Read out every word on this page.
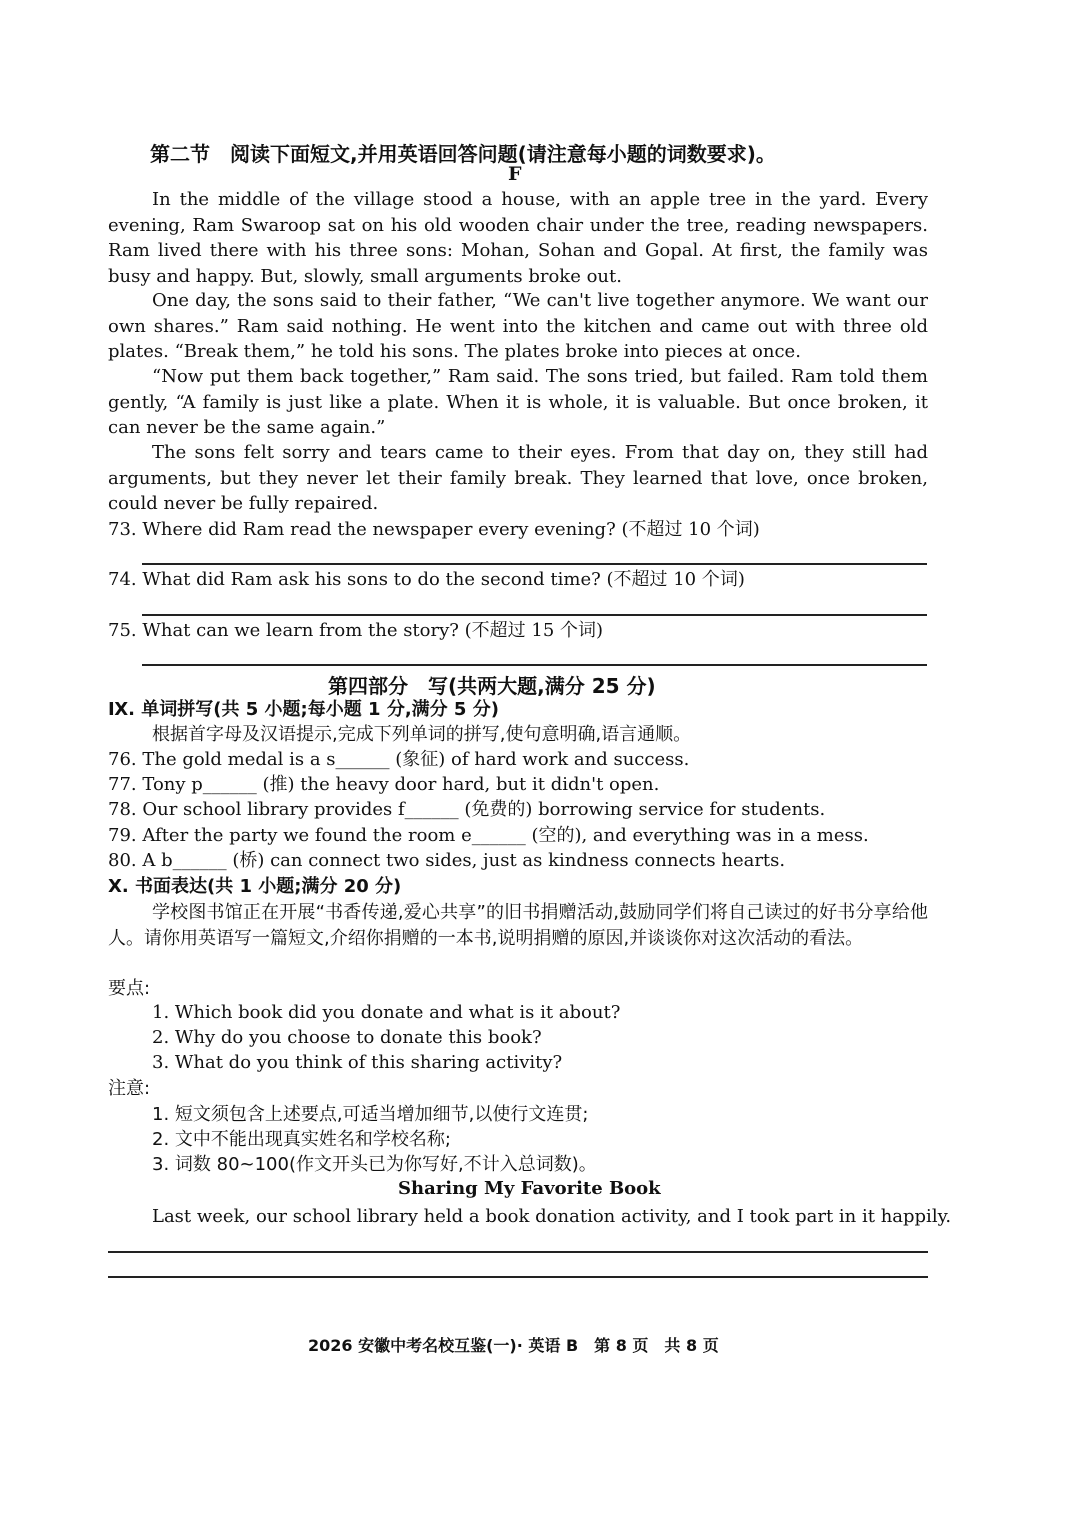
第二节　阅读下面短文,并用英语回答问题(请注意每小题的词数要求)。
F
In the middle of the village stood a house, with an apple tree in the yard. Every evening, Ram Swaroop sat on his old wooden chair under the tree, reading newspapers. Ram lived there with his three sons: Mohan, Sohan and Gopal. At first, the family was busy and happy. But, slowly, small arguments broke out.
One day, the sons said to their father, “We can't live together anymore. We want our own shares.” Ram said nothing. He went into the kitchen and came out with three old plates. “Break them,” he told his sons. The plates broke into pieces at once.
“Now put them back together,” Ram said. The sons tried, but failed. Ram told them gently, “A family is just like a plate. When it is whole, it is valuable. But once broken, it can never be the same again.”
The sons felt sorry and tears came to their eyes. From that day on, they still had arguments, but they never let their family break. They learned that love, once broken, could never be fully repaired.
73. Where did Ram read the newspaper every evening? (不超过 10 个词)
74. What did Ram ask his sons to do the second time? (不超过 10 个词)
75. What can we learn from the story? (不超过 15 个词)
第四部分　写(共两大题,满分 25 分)
Ⅸ. 单词拼写(共 5 小题;每小题 1 分,满分 5 分)
根据首字母及汉语提示,完成下列单词的拼写,使句意明确,语言通顺。
76. The gold medal is a s______ (象征) of hard work and success.
77. Tony p______ (推) the heavy door hard, but it didn't open.
78. Our school library provides f______ (免费的) borrowing service for students.
79. After the party we found the room e______ (空的), and everything was in a mess.
80. A b______ (桥) can connect two sides, just as kindness connects hearts.
Ⅹ. 书面表达(共 1 小题;满分 20 分)
学校图书馆正在开展“书香传递,爱心共享”的旧书捐赠活动,鼓励同学们将自己读过的好书分享给他人。请你用英语写一篇短文,介绍你捐赠的一本书,说明捐赠的原因,并谈谈你对这次活动的看法。
要点:
1. Which book did you donate and what is it about?
2. Why do you choose to donate this book?
3. What do you think of this sharing activity?
注意:
1. 短文须包含上述要点,可适当增加细节,以使行文连贯;
2. 文中不能出现真实姓名和学校名称;
3. 词数 80~100(作文开头已为你写好,不计入总词数)。
Sharing My Favorite Book
Last week, our school library held a book donation activity, and I took part in it happily.
2026 安徽中考名校互鉴(一)· 英语 B　第 8 页　共 8 页
